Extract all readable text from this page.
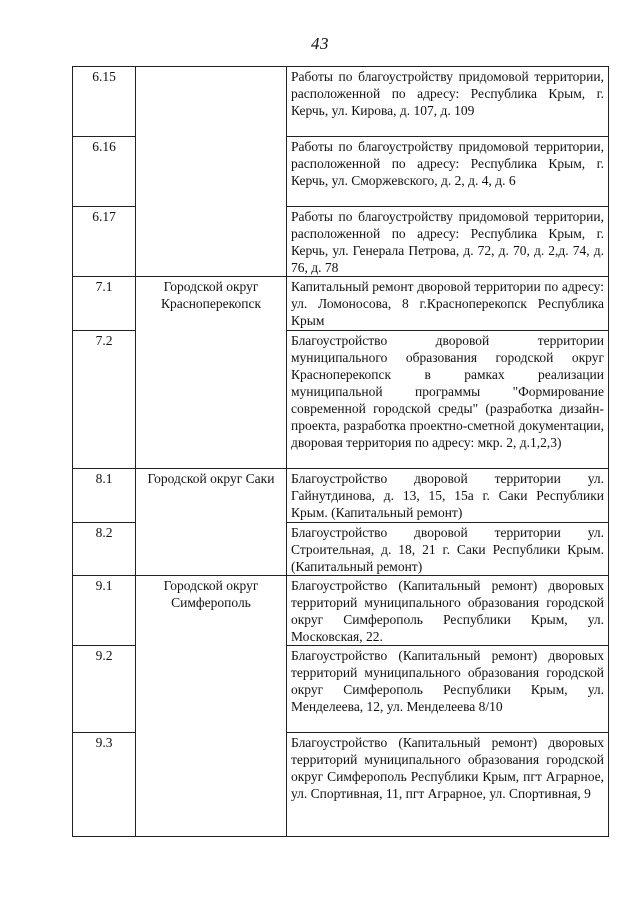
43
6.15		Работы по благоустройству придомовой территории, расположенной по адресу: Республика Крым, г. Керчь, ул. Кирова, д. 107, д. 109
6.16		Работы по благоустройству придомовой территории, расположенной по адресу: Республика Крым, г. Керчь, ул. Сморжевского, д. 2, д. 4, д. 6
6.17		Работы по благоустройству придомовой территории, расположенной по адресу: Республика Крым, г. Керчь, ул. Генерала Петрова, д. 72, д. 70, д. 2,д. 74, д. 76, д. 78
7.1	Городской округ Красноперекопск	Капитальный ремонт дворовой территории по адресу: ул. Ломоносова, 8 г.Красноперекопск Республика Крым
7.2		Благоустройство дворовой территории муниципального образования городской округ Красноперекопск в рамках реализации муниципальной программы "Формирование современной городской среды" (разработка дизайн-проекта, разработка проектно-сметной документации, дворовая территория по адресу: мкр. 2, д.1,2,3)
8.1	Городской округ Саки	Благоустройство дворовой территории ул. Гайнутдинова, д. 13, 15, 15а г. Саки Республики Крым. (Капитальный ремонт)
8.2		Благоустройство дворовой территории ул. Строительная, д. 18, 21 г. Саки Республики Крым. (Капитальный ремонт)
9.1	Городской округ Симферополь	Благоустройство (Капитальный ремонт) дворовых территорий муниципального образования городской округ Симферополь Республики Крым, ул. Московская, 22.
9.2		Благоустройство (Капитальный ремонт) дворовых территорий муниципального образования городской округ Симферополь Республики Крым, ул. Менделеева, 12, ул. Менделеева 8/10
9.3		Благоустройство (Капитальный ремонт) дворовых территорий муниципального образования городской округ Симферополь Республики Крым, пгт Аграрное, ул. Спортивная, 11, пгт Аграрное, ул. Спортивная, 9
